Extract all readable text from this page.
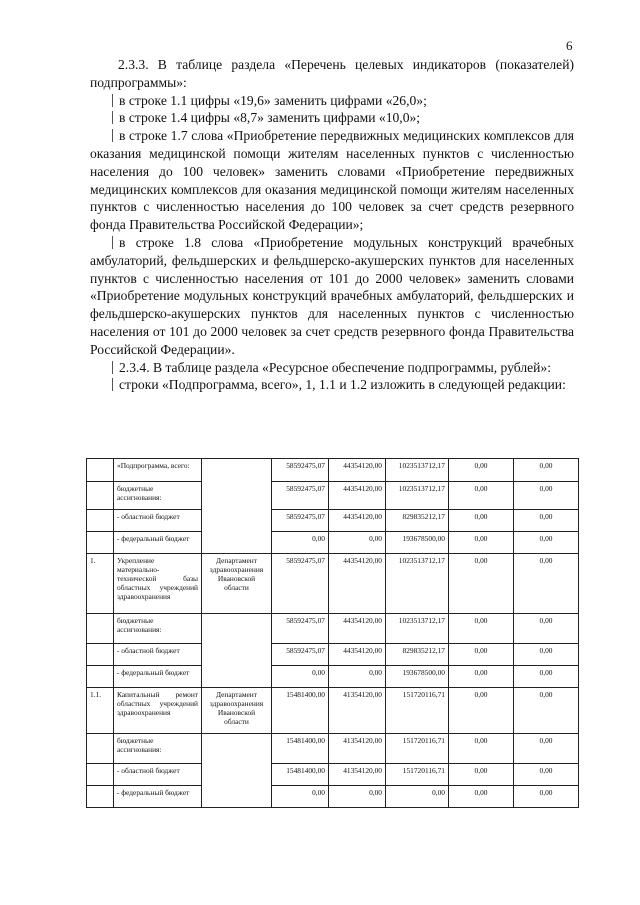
6

2.3.3. В таблице раздела «Перечень целевых индикаторов (показателей) подпрограммы»:

в строке 1.1 цифры «19,6» заменить цифрами «26,0»;

в строке 1.4 цифры «8,7» заменить цифрами «10,0»;

в строке 1.7 слова «Приобретение передвижных медицинских комплексов для оказания медицинской помощи жителям населенных пунктов с численностью населения до 100 человек» заменить словами «Приобретение передвижных медицинских комплексов для оказания медицинской помощи жителям населенных пунктов с численностью населения до 100 человек за счет средств резервного фонда Правительства Российской Федерации»;

в строке 1.8 слова «Приобретение модульных конструкций врачебных амбулаторий, фельдшерских и фельдшерско-акушерских пунктов для населенных пунктов с численностью населения от 101 до 2000 человек» заменить словами «Приобретение модульных конструкций врачебных амбулаторий, фельдшерских и фельдшерско-акушерских пунктов для населенных пунктов с численностью населения от 101 до 2000 человек за счет средств резервного фонда Правительства Российской Федерации».

2.3.4. В таблице раздела «Ресурсное обеспечение подпрограммы, рублей»:

строки «Подпрограмма, всего», 1, 1.1 и 1.2 изложить в следующей редакции:

	«Подпрограмма, всего:		58592475,07	44354120,00	1023513712,17	0,00	0,00
	бюджетные ассигнования:		58592475,07	44354120,00	1023513712,17	0,00	0,00
	- областной бюджет		58592475,07	44354120,00	829835212,17	0,00	0,00
	- федеральный бюджет		0,00	0,00	193678500,00	0,00	0,00
1.	Укрепление материально-технической базы областных учреждений здравоохранения	Департамент здравоохранения Ивановской области	58592475,07	44354120,00	1023513712,17	0,00	0,00
	бюджетные ассигнования:		58592475,07	44354120,00	1023513712,17	0,00	0,00
	- областной бюджет		58592475,07	44354120,00	829835212,17	0,00	0,00
	- федеральный бюджет		0,00	0,00	193678500,00	0,00	0,00
1.1.	Капитальный ремонт областных учреждений здравоохранения	Департамент здравоохранения Ивановской области	15481400,00	41354120,00	151720116,71	0,00	0,00
	бюджетные ассигнования:		15481400,00	41354120,00	151720116,71	0,00	0,00
	- областной бюджет		15481400,00	41354120,00	151720116,71	0,00	0,00
	- федеральный бюджет		0,00	0,00	0,00	0,00	0,00
